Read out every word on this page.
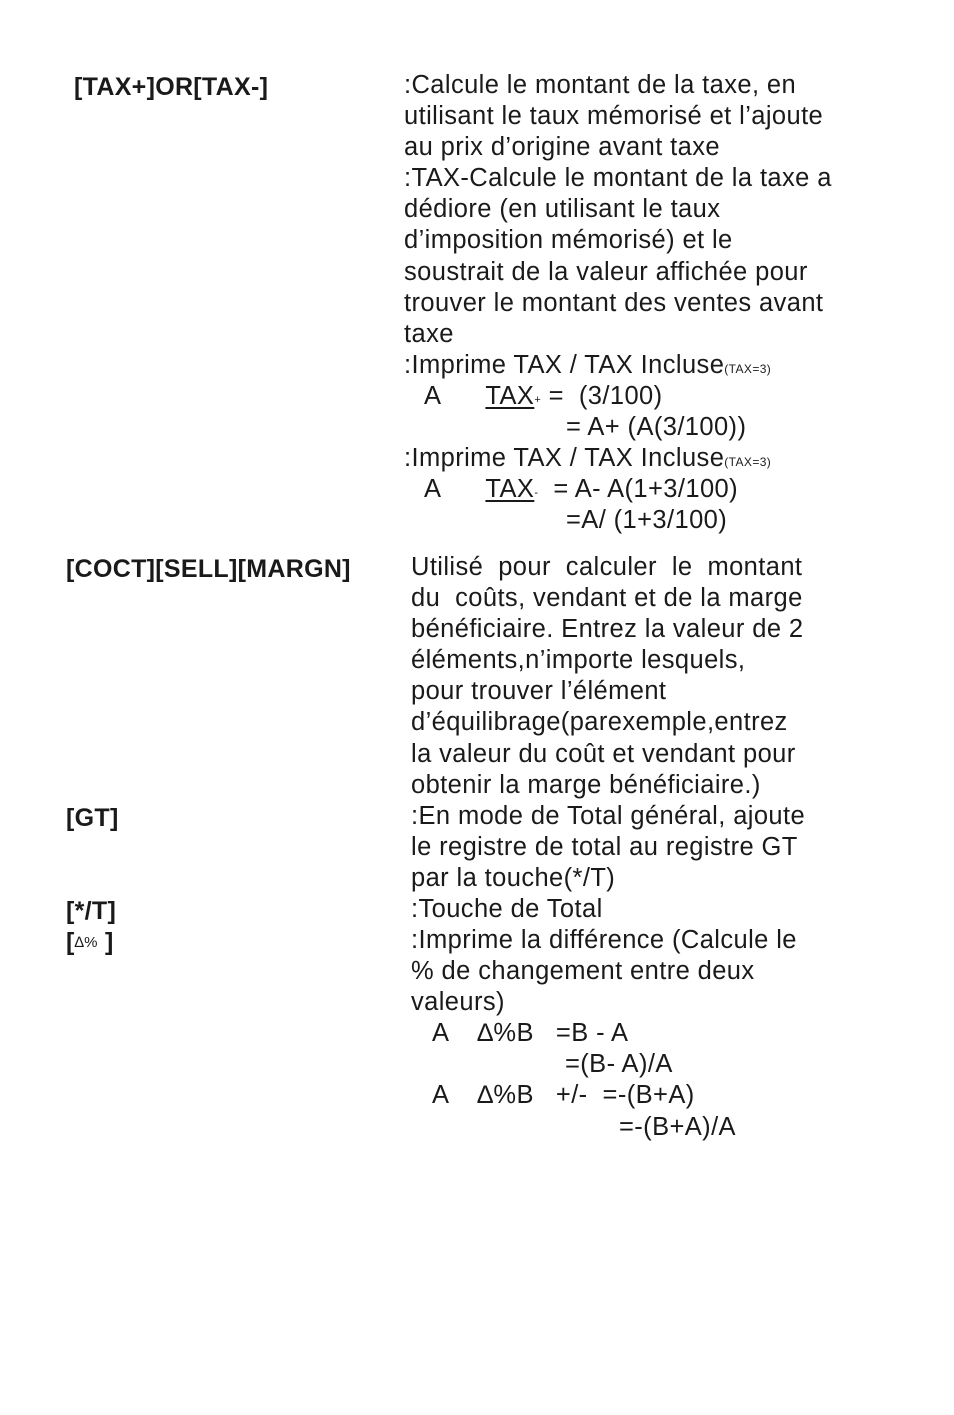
[TAX+]OR[TAX-]	:Calcule le montant de la taxe, en
utilisant le taux mémorisé et l’ajoute
au prix d’origine avant taxe
:TAX-Calcule le montant de la taxe a
dédiore (en utilisant le taux
d’imposition mémorisé) et le
soustrait de la valeur affichée pour
trouver le montant des ventes avant
taxe
:Imprime TAX / TAX Incluse(TAX=3)
A TAX+ =  (3/100)
= A+ (A(3/100))
:Imprime TAX / TAX Incluse(TAX=3)
A TAX-  = A- A(1+3/100)
=A/ (1+3/100)
[COCT][SELL][MARGN] Utilisé  pour  calculer  le  montant
du  coûts, vendant et de la marge
bénéficiaire. Entrez la valeur de 2
éléments,n’importe lesquels,
pour trouver l’élément
d’équilibrage(parexemple,entrez
la valeur du coût et vendant pour
obtenir la marge bénéficiaire.)
[GT]	:En mode de Total général, ajoute
le registre de total au registre GT
par la touche(*/T)
[*/T]	:Touche de Total
[∆% ]	:Imprime la différence (Calcule le
% de changement entre deux
valeurs)
A ∆%B =B - A
=(B- A)/A
A ∆%B +/-  =-(B+A)
=-(B+A)/A
